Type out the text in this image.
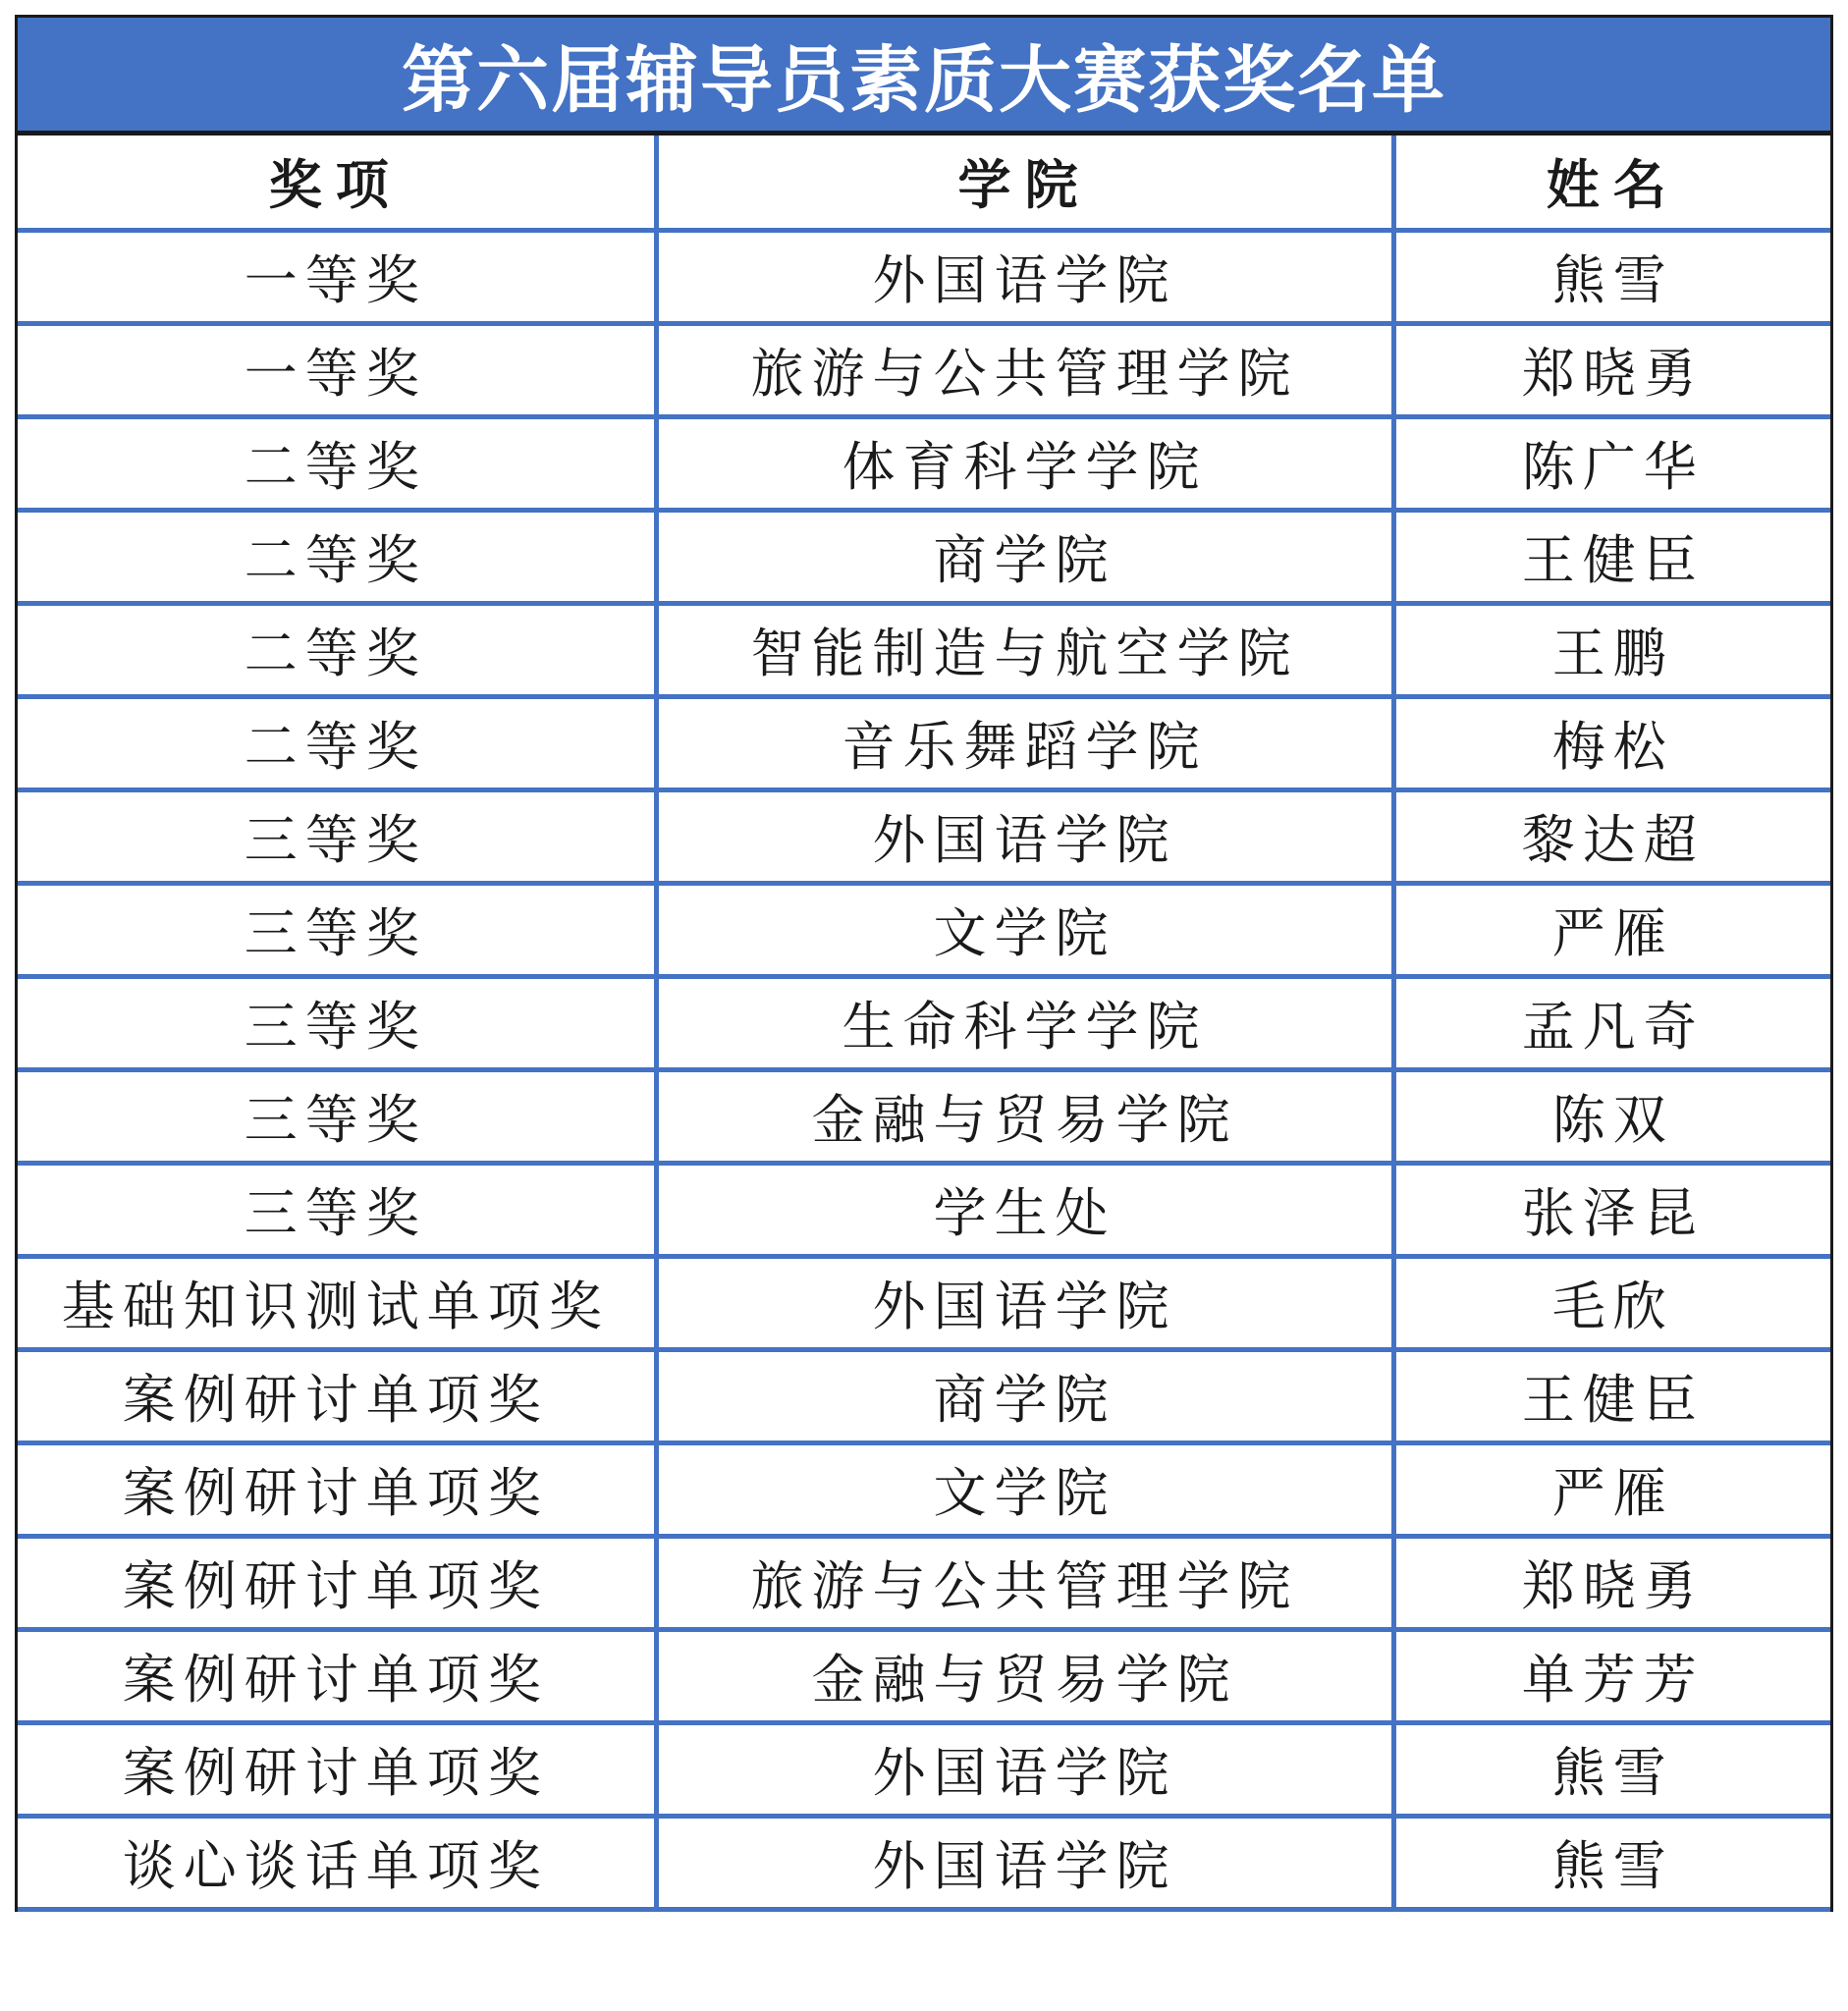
第六届辅导员素质大赛获奖名单
奖项	学院	姓名
一等奖	外国语学院	熊雪
一等奖	旅游与公共管理学院	郑晓勇
二等奖	体育科学学院	陈广华
二等奖	商学院	王健臣
二等奖	智能制造与航空学院	王鹏
二等奖	音乐舞蹈学院	梅松
三等奖	外国语学院	黎达超
三等奖	文学院	严雁
三等奖	生命科学学院	孟凡奇
三等奖	金融与贸易学院	陈双
三等奖	学生处	张泽昆
基础知识测试单项奖	外国语学院	毛欣
案例研讨单项奖	商学院	王健臣
案例研讨单项奖	文学院	严雁
案例研讨单项奖	旅游与公共管理学院	郑晓勇
案例研讨单项奖	金融与贸易学院	单芳芳
案例研讨单项奖	外国语学院	熊雪
谈心谈话单项奖	外国语学院	熊雪
